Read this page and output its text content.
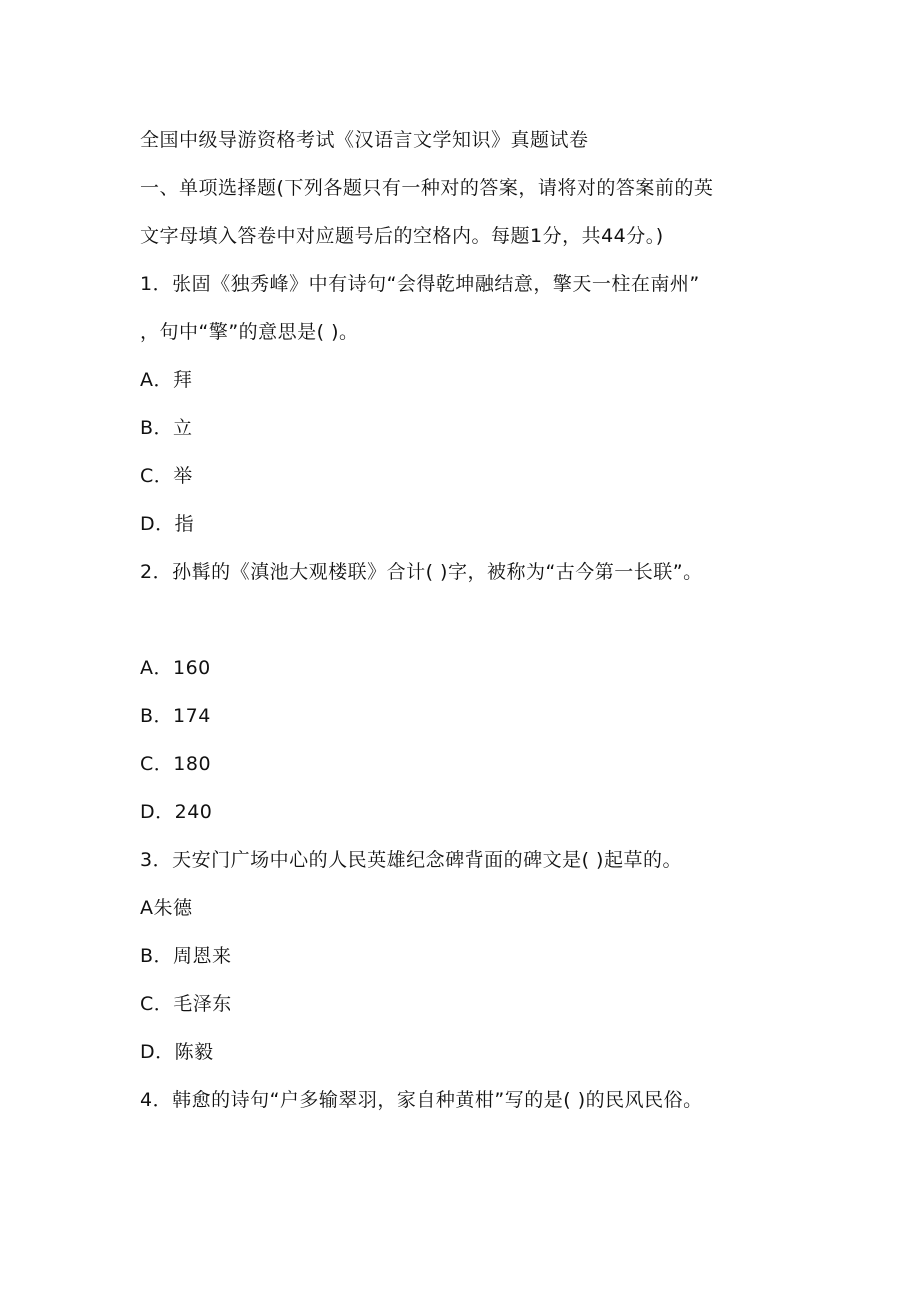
全国中级导游资格考试《汉语言文学知识》真题试卷
一、单项选择题(下列各题只有一种对的答案，请将对的答案前的英
文字母填入答卷中对应题号后的空格内。每题1分，共44分。)
1．张固《独秀峰》中有诗句“会得乾坤融结意，擎天一柱在南州”
，句中“擎”的意思是( )。
A．拜
B．立
C．举
D．指
2．孙髯的《滇池大观楼联》合计( )字，被称为“古今第一长联”。
A．160
B．174
C．180
D．240
3．天安门广场中心的人民英雄纪念碑背面的碑文是( )起草的。
A朱德
B．周恩来
C．毛泽东
D．陈毅
4．韩愈的诗句“户多输翠羽，家自种黄柑”写的是( )的民风民俗。
